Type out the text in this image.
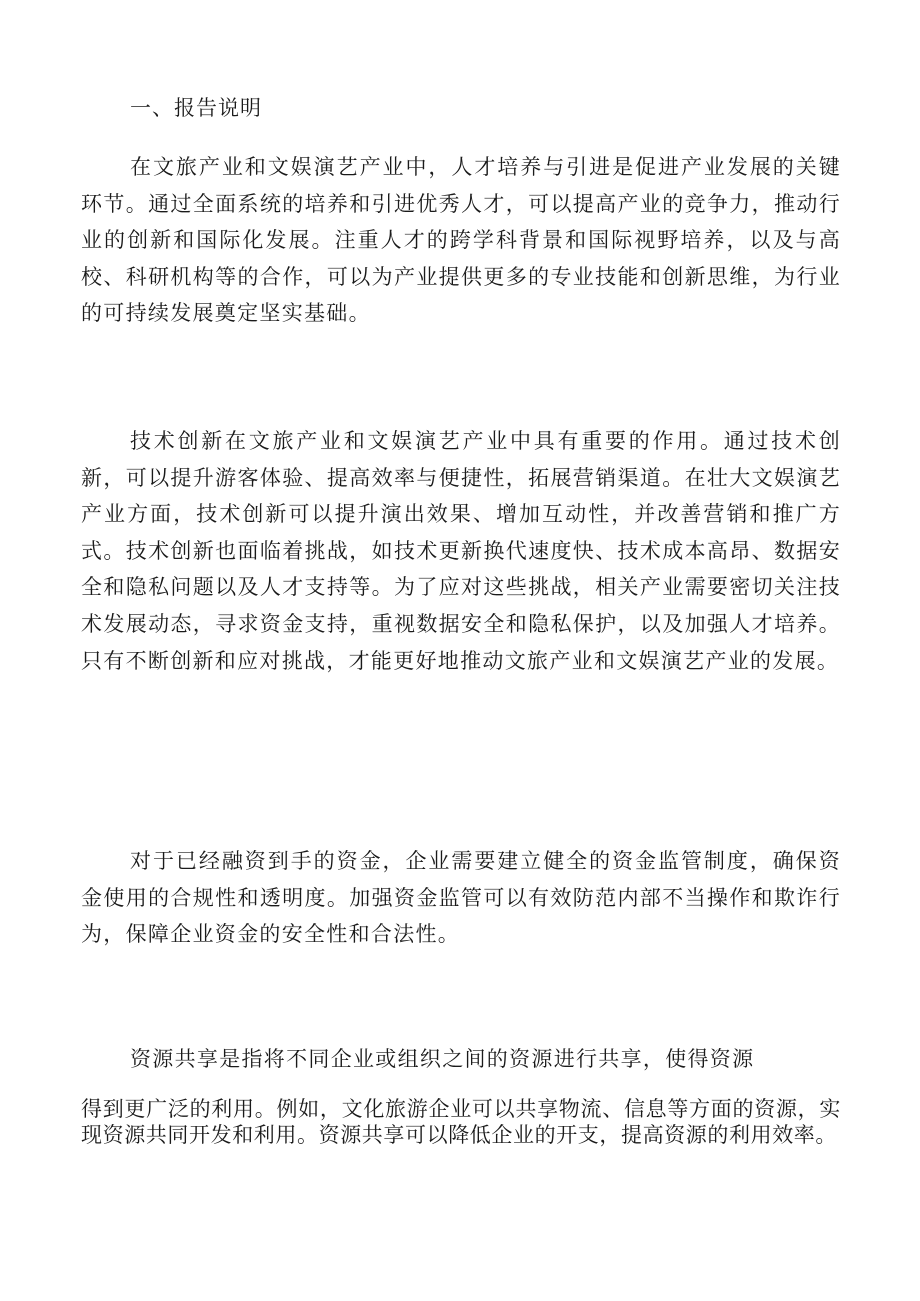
一、报告说明

在文旅产业和文娱演艺产业中，人才培养与引进是促进产业发展的关键环节。通过全面系统的培养和引进优秀人才，可以提高产业的竞争力，推动行业的创新和国际化发展。注重人才的跨学科背景和国际视野培养，以及与高校、科研机构等的合作，可以为产业提供更多的专业技能和创新思维，为行业的可持续发展奠定坚实基础。

技术创新在文旅产业和文娱演艺产业中具有重要的作用。通过技术创新，可以提升游客体验、提高效率与便捷性，拓展营销渠道。在壮大文娱演艺产业方面，技术创新可以提升演出效果、增加互动性，并改善营销和推广方式。技术创新也面临着挑战，如技术更新换代速度快、技术成本高昂、数据安全和隐私问题以及人才支持等。为了应对这些挑战，相关产业需要密切关注技术发展动态，寻求资金支持，重视数据安全和隐私保护，以及加强人才培养。只有不断创新和应对挑战，才能更好地推动文旅产业和文娱演艺产业的发展。

对于已经融资到手的资金，企业需要建立健全的资金监管制度，确保资金使用的合规性和透明度。加强资金监管可以有效防范内部不当操作和欺诈行为，保障企业资金的安全性和合法性。

资源共享是指将不同企业或组织之间的资源进行共享，使得资源

得到更广泛的利用。例如，文化旅游企业可以共享物流、信息等方面的资源，实现资源共同开发和利用。资源共享可以降低企业的开支，提高资源的利用效率。
